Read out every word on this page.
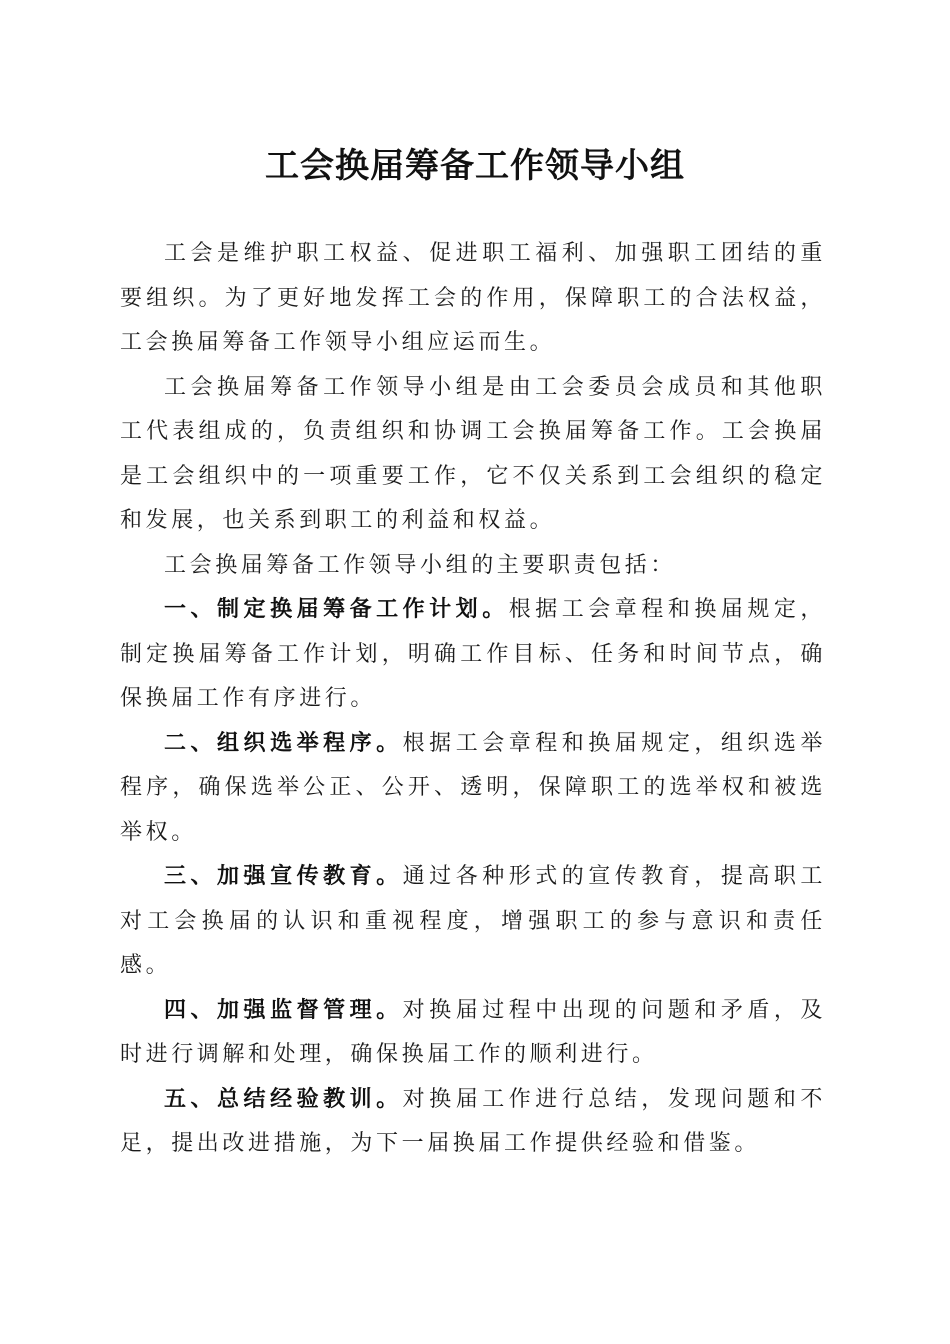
工会换届筹备工作领导小组

工会是维护职工权益、促进职工福利、加强职工团结的重要组织。为了更好地发挥工会的作用，保障职工的合法权益，工会换届筹备工作领导小组应运而生。

工会换届筹备工作领导小组是由工会委员会成员和其他职工代表组成的，负责组织和协调工会换届筹备工作。工会换届是工会组织中的一项重要工作，它不仅关系到工会组织的稳定和发展，也关系到职工的利益和权益。

工会换届筹备工作领导小组的主要职责包括：

一、制定换届筹备工作计划。根据工会章程和换届规定，制定换届筹备工作计划，明确工作目标、任务和时间节点，确保换届工作有序进行。

二、组织选举程序。根据工会章程和换届规定，组织选举程序，确保选举公正、公开、透明，保障职工的选举权和被选举权。

三、加强宣传教育。通过各种形式的宣传教育，提高职工对工会换届的认识和重视程度，增强职工的参与意识和责任感。

四、加强监督管理。对换届过程中出现的问题和矛盾，及时进行调解和处理，确保换届工作的顺利进行。

五、总结经验教训。对换届工作进行总结，发现问题和不足，提出改进措施，为下一届换届工作提供经验和借鉴。
